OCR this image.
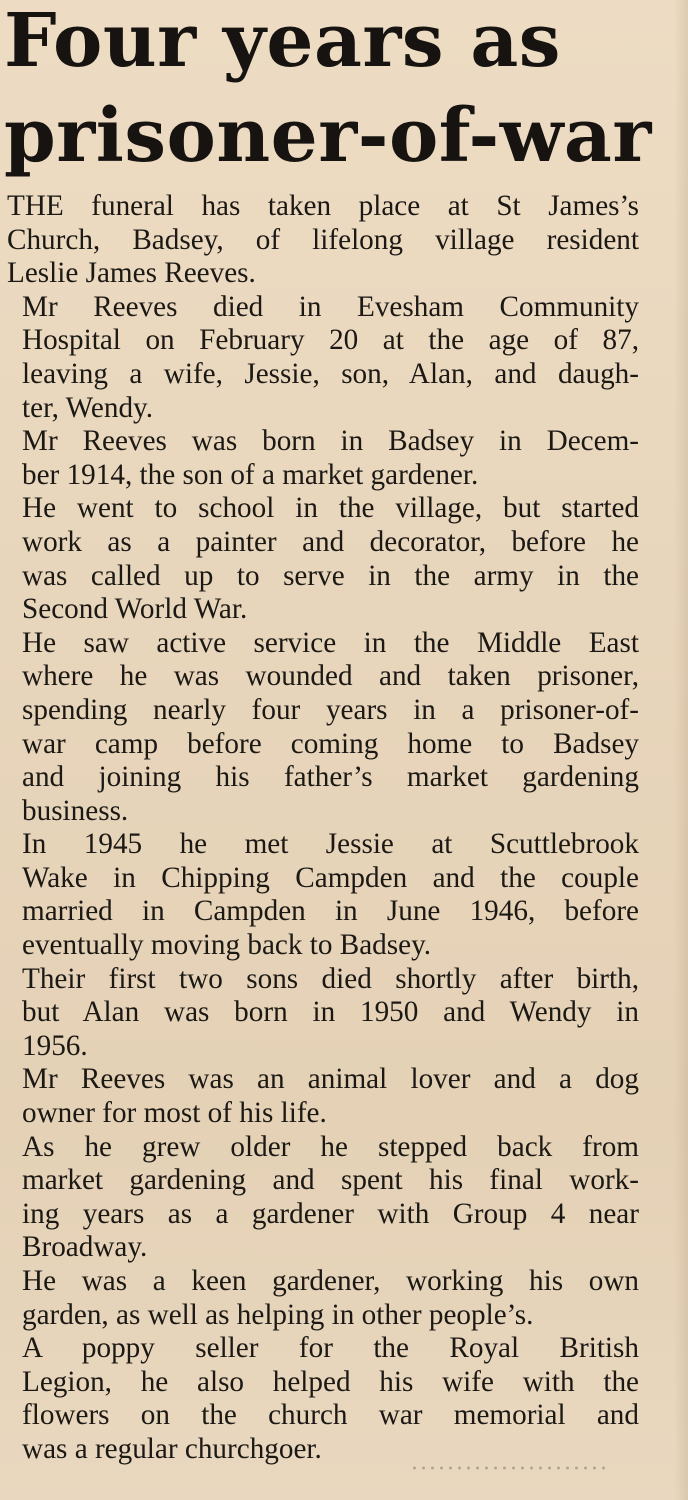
Four years as
prisoner-of-war

THE funeral has taken place at St James’s
Church, Badsey, of lifelong village resident
Leslie James Reeves.

Mr Reeves died in Evesham Community
Hospital on February 20 at the age of 87,
leaving a wife, Jessie, son, Alan, and daugh-
ter, Wendy.

Mr Reeves was born in Badsey in Decem-
ber 1914, the son of a market gardener.

He went to school in the village, but started
work as a painter and decorator, before he
was called up to serve in the army in the
Second World War.

He saw active service in the Middle East
where he was wounded and taken prisoner,
spending nearly four years in a prisoner-of-
war camp before coming home to Badsey
and joining his father’s market gardening
business.

In 1945 he met Jessie at Scuttlebrook
Wake in Chipping Campden and the couple
married in Campden in June 1946, before
eventually moving back to Badsey.

Their first two sons died shortly after birth,
but Alan was born in 1950 and Wendy in
1956.

Mr Reeves was an animal lover and a dog
owner for most of his life.

As he grew older he stepped back from
market gardening and spent his final work-
ing years as a gardener with Group 4 near
Broadway.

He was a keen gardener, working his own
garden, as well as helping in other people’s.

A poppy seller for the Royal British
Legion, he also helped his wife with the
flowers on the church war memorial and
was a regular churchgoer.
